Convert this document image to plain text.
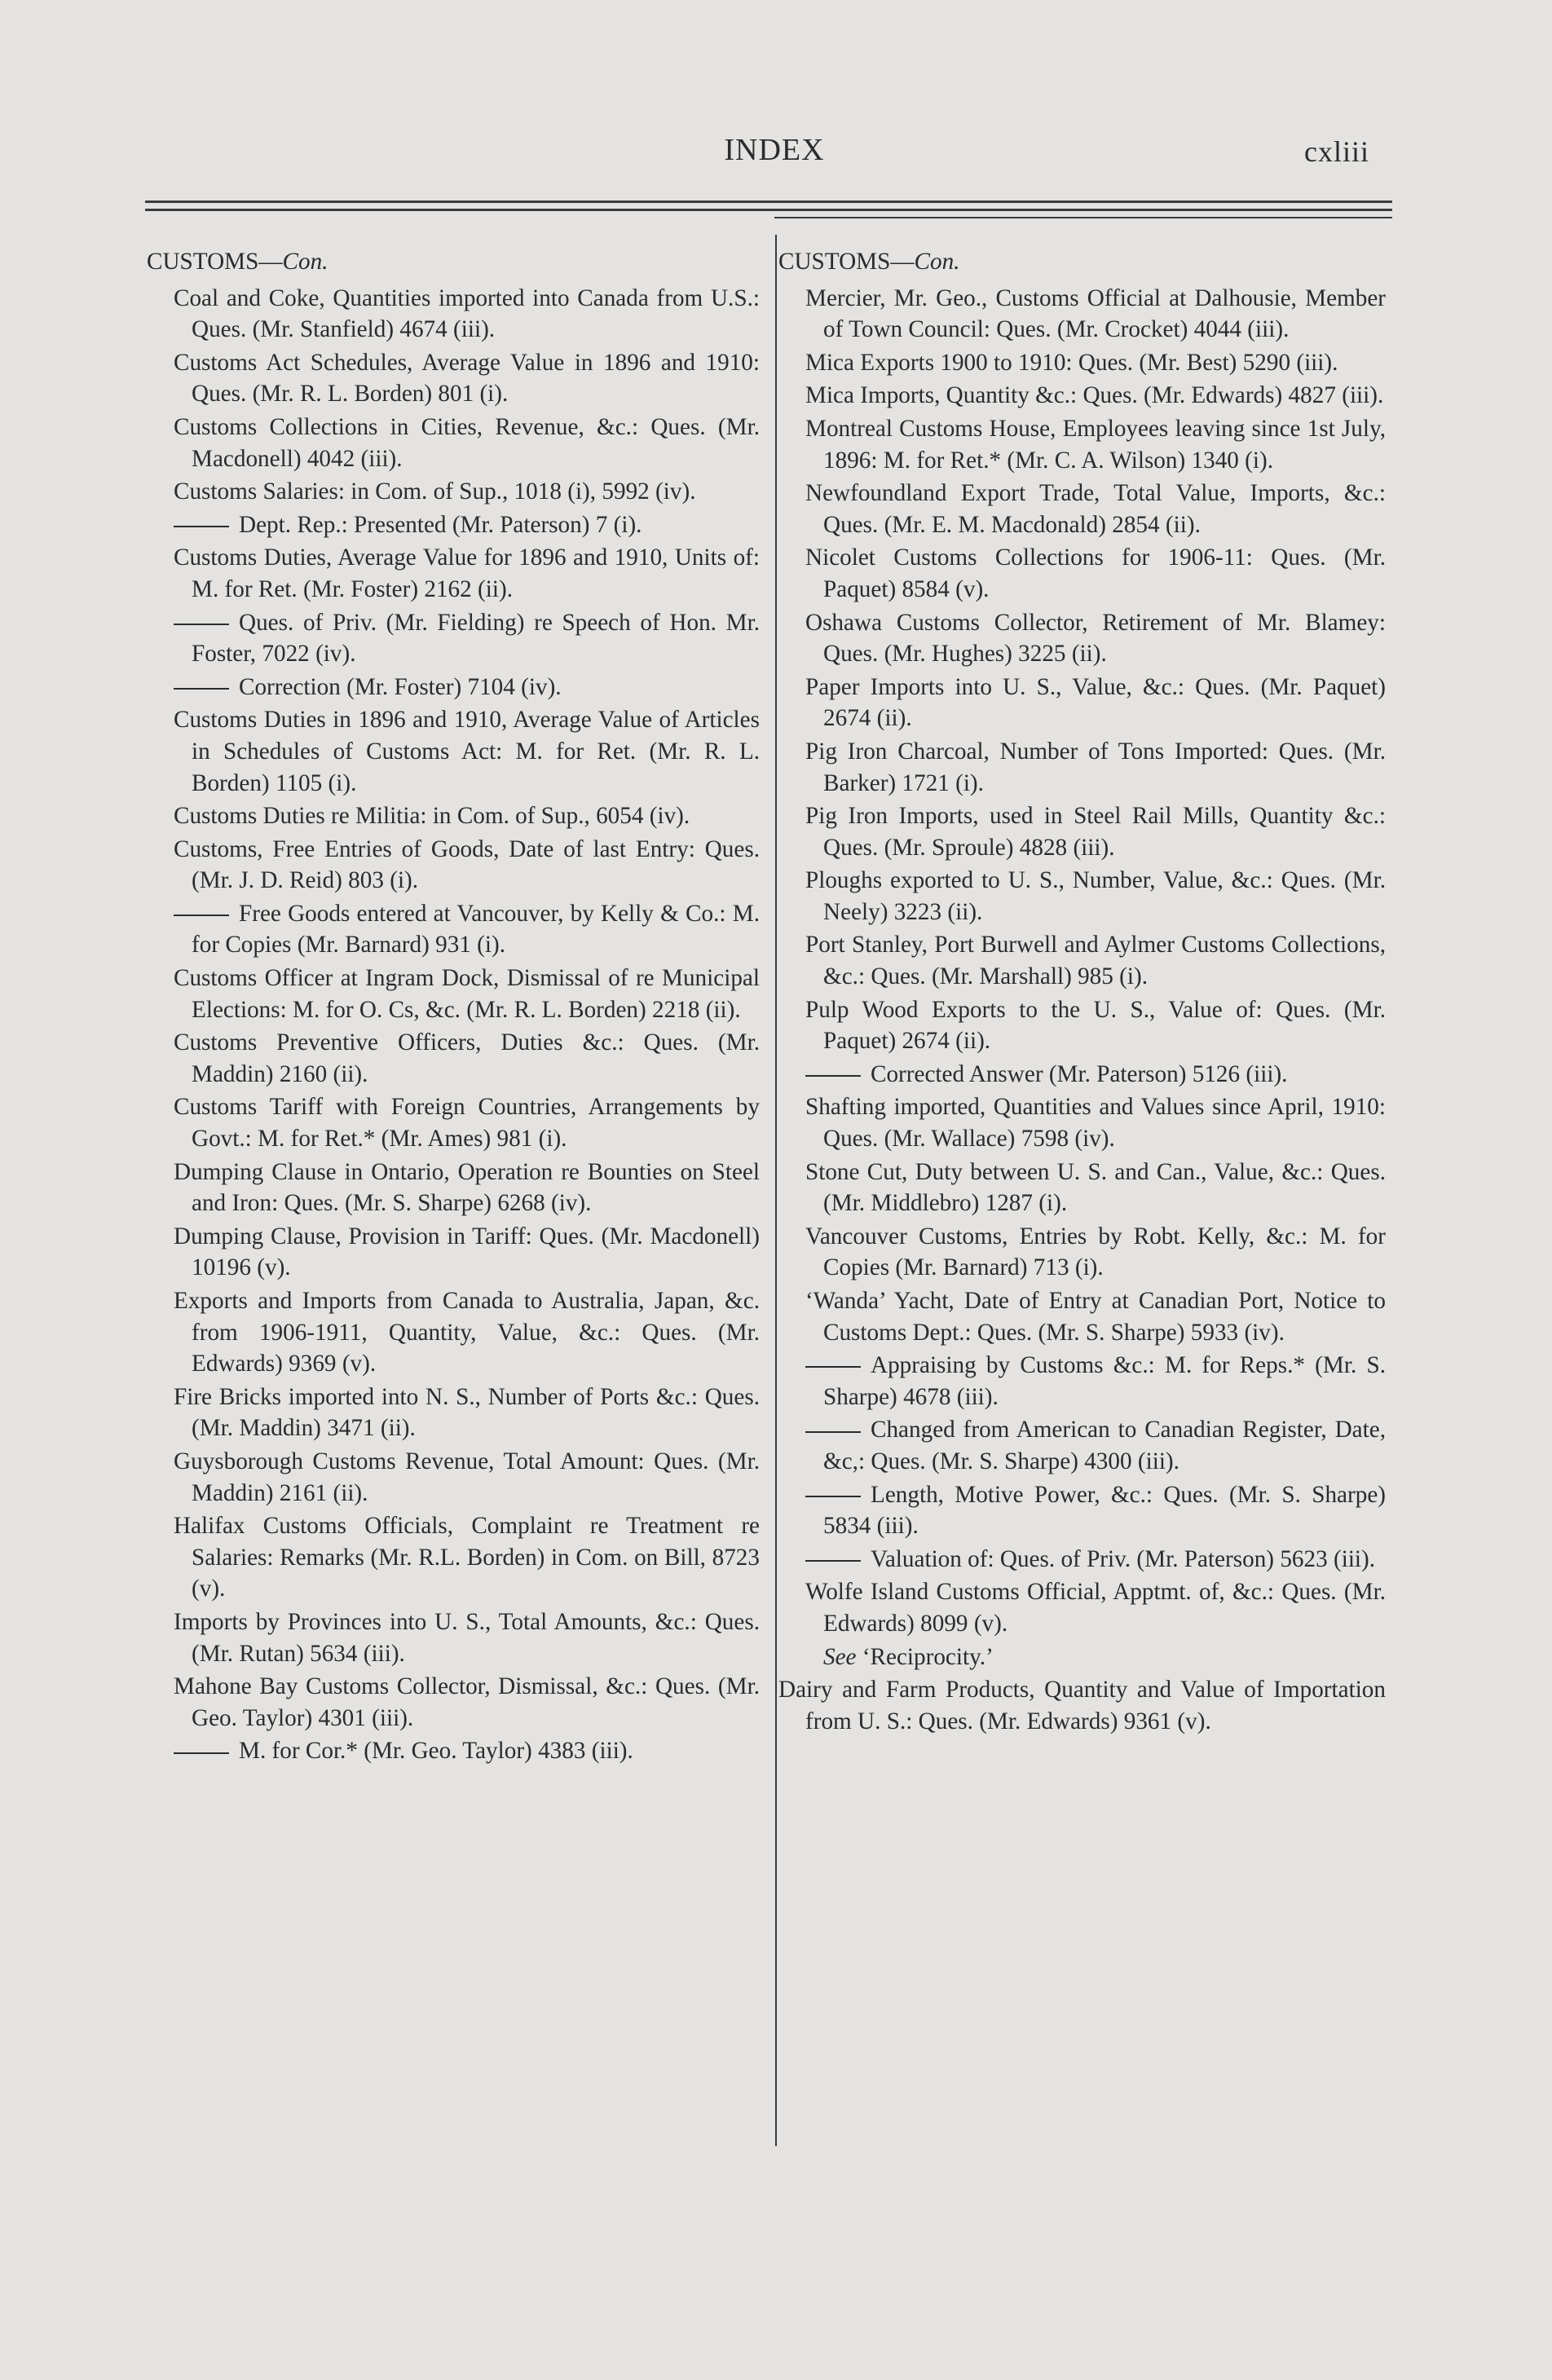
INDEX	cxliii
CUSTOMS—Con.
Coal and Coke, Quantities imported into Canada from U.S.: Ques. (Mr. Stanfield) 4674 (iii).
Customs Act Schedules, Average Value in 1896 and 1910: Ques. (Mr. R. L. Borden) 801 (i).
Customs Collections in Cities, Revenue, &c.: Ques. (Mr. Macdonell) 4042 (iii).
Customs Salaries: in Com. of Sup., 1018 (i), 5992 (iv).
Dept. Rep.: Presented (Mr. Paterson) 7 (i).
Customs Duties, Average Value for 1896 and 1910, Units of: M. for Ret. (Mr. Foster) 2162 (ii).
Ques. of Priv. (Mr. Fielding) re Speech of Hon. Mr. Foster, 7022 (iv).
Correction (Mr. Foster) 7104 (iv).
Customs Duties in 1896 and 1910, Average Value of Articles in Schedules of Customs Act: M. for Ret. (Mr. R. L. Borden) 1105 (i).
Customs Duties re Militia: in Com. of Sup., 6054 (iv).
Customs, Free Entries of Goods, Date of last Entry: Ques. (Mr. J. D. Reid) 803 (i).
Free Goods entered at Vancouver, by Kelly & Co.: M. for Copies (Mr. Barnard) 931 (i).
Customs Officer at Ingram Dock, Dismissal of re Municipal Elections: M. for O. Cs, &c. (Mr. R. L. Borden) 2218 (ii).
Customs Preventive Officers, Duties &c.: Ques. (Mr. Maddin) 2160 (ii).
Customs Tariff with Foreign Countries, Arrangements by Govt.: M. for Ret.* (Mr. Ames) 981 (i).
Dumping Clause in Ontario, Operation re Bounties on Steel and Iron: Ques. (Mr. S. Sharpe) 6268 (iv).
Dumping Clause, Provision in Tariff: Ques. (Mr. Macdonell) 10196 (v).
Exports and Imports from Canada to Australia, Japan, &c. from 1906-1911, Quantity, Value, &c.: Ques. (Mr. Edwards) 9369 (v).
Fire Bricks imported into N. S., Number of Ports &c.: Ques. (Mr. Maddin) 3471 (ii).
Guysborough Customs Revenue, Total Amount: Ques. (Mr. Maddin) 2161 (ii).
Halifax Customs Officials, Complaint re Treatment re Salaries: Remarks (Mr. R.L. Borden) in Com. on Bill, 8723 (v).
Imports by Provinces into U. S., Total Amounts, &c.: Ques. (Mr. Rutan) 5634 (iii).
Mahone Bay Customs Collector, Dismissal, &c.: Ques. (Mr. Geo. Taylor) 4301 (iii).
M. for Cor.* (Mr. Geo. Taylor) 4383 (iii).
CUSTOMS—Con.
Mercier, Mr. Geo., Customs Official at Dalhousie, Member of Town Council: Ques. (Mr. Crocket) 4044 (iii).
Mica Exports 1900 to 1910: Ques. (Mr. Best) 5290 (iii).
Mica Imports, Quantity &c.: Ques. (Mr. Edwards) 4827 (iii).
Montreal Customs House, Employees leaving since 1st July, 1896: M. for Ret.* (Mr. C. A. Wilson) 1340 (i).
Newfoundland Export Trade, Total Value, Imports, &c.: Ques. (Mr. E. M. Macdonald) 2854 (ii).
Nicolet Customs Collections for 1906-11: Ques. (Mr. Paquet) 8584 (v).
Oshawa Customs Collector, Retirement of Mr. Blamey: Ques. (Mr. Hughes) 3225 (ii).
Paper Imports into U. S., Value, &c.: Ques. (Mr. Paquet) 2674 (ii).
Pig Iron Charcoal, Number of Tons Imported: Ques. (Mr. Barker) 1721 (i).
Pig Iron Imports, used in Steel Rail Mills, Quantity &c.: Ques. (Mr. Sproule) 4828 (iii).
Ploughs exported to U. S., Number, Value, &c.: Ques. (Mr. Neely) 3223 (ii).
Port Stanley, Port Burwell and Aylmer Customs Collections, &c.: Ques. (Mr. Marshall) 985 (i).
Pulp Wood Exports to the U. S., Value of: Ques. (Mr. Paquet) 2674 (ii).
Corrected Answer (Mr. Paterson) 5126 (iii).
Shafting imported, Quantities and Values since April, 1910: Ques. (Mr. Wallace) 7598 (iv).
Stone Cut, Duty between U. S. and Can., Value, &c.: Ques. (Mr. Middlebro) 1287 (i).
Vancouver Customs, Entries by Robt. Kelly, &c.: M. for Copies (Mr. Barnard) 713 (i).
‘Wanda’ Yacht, Date of Entry at Canadian Port, Notice to Customs Dept.: Ques. (Mr. S. Sharpe) 5933 (iv).
Appraising by Customs &c.: M. for Reps.* (Mr. S. Sharpe) 4678 (iii).
Changed from American to Canadian Register, Date, &c,: Ques. (Mr. S. Sharpe) 4300 (iii).
Length, Motive Power, &c.: Ques. (Mr. S. Sharpe) 5834 (iii).
Valuation of: Ques. of Priv. (Mr. Paterson) 5623 (iii).
Wolfe Island Customs Official, Apptmt. of, &c.: Ques. (Mr. Edwards) 8099 (v).
See ‘Reciprocity.’
Dairy and Farm Products, Quantity and Value of Importation from U. S.: Ques. (Mr. Edwards) 9361 (v).
